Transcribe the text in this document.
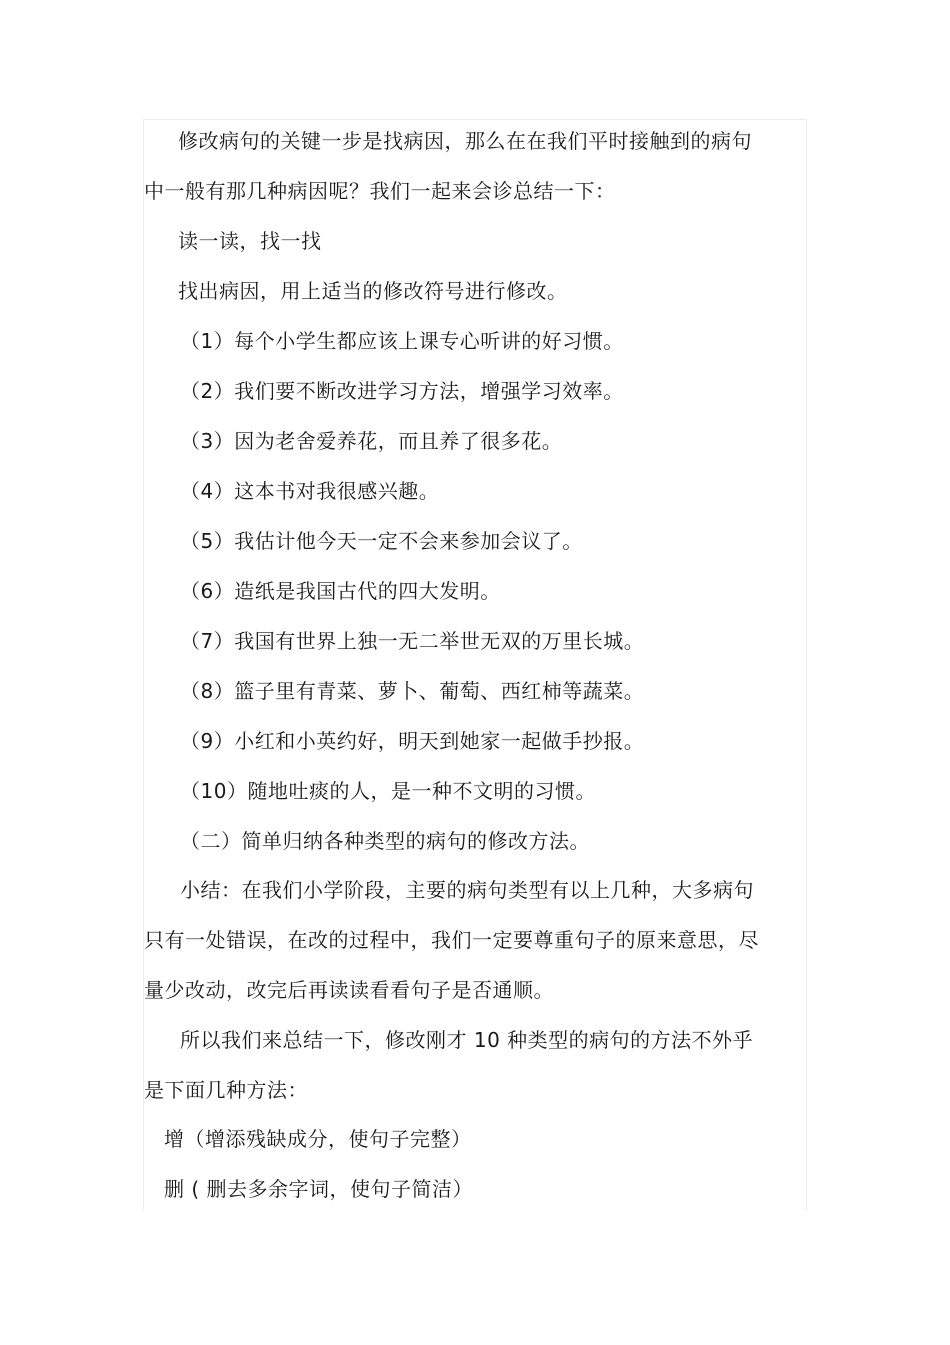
修改病句的关键一步是找病因，那么在在我们平时接触到的病句
中一般有那几种病因呢？我们一起来会诊总结一下：
读一读，找一找
找出病因，用上适当的修改符号进行修改。
（1）每个小学生都应该上课专心听讲的好习惯。
（2）我们要不断改进学习方法，增强学习效率。
（3）因为老舍爱养花，而且养了很多花。
（4）这本书对我很感兴趣。
（5）我估计他今天一定不会来参加会议了。
（6）造纸是我国古代的四大发明。
（7）我国有世界上独一无二举世无双的万里长城。
（8）篮子里有青菜、萝卜、葡萄、西红柿等蔬菜。
（9）小红和小英约好，明天到她家一起做手抄报。
（10）随地吐痰的人，是一种不文明的习惯。
（二）简单归纳各种类型的病句的修改方法。
小结：在我们小学阶段，主要的病句类型有以上几种，大多病句
只有一处错误，在改的过程中，我们一定要尊重句子的原来意思，尽
量少改动，改完后再读读看看句子是否通顺。
所以我们来总结一下，修改刚才 10 种类型的病句的方法不外乎
是下面几种方法：
增（增添残缺成分，使句子完整）
删 ( 删去多余字词，使句子简洁）
